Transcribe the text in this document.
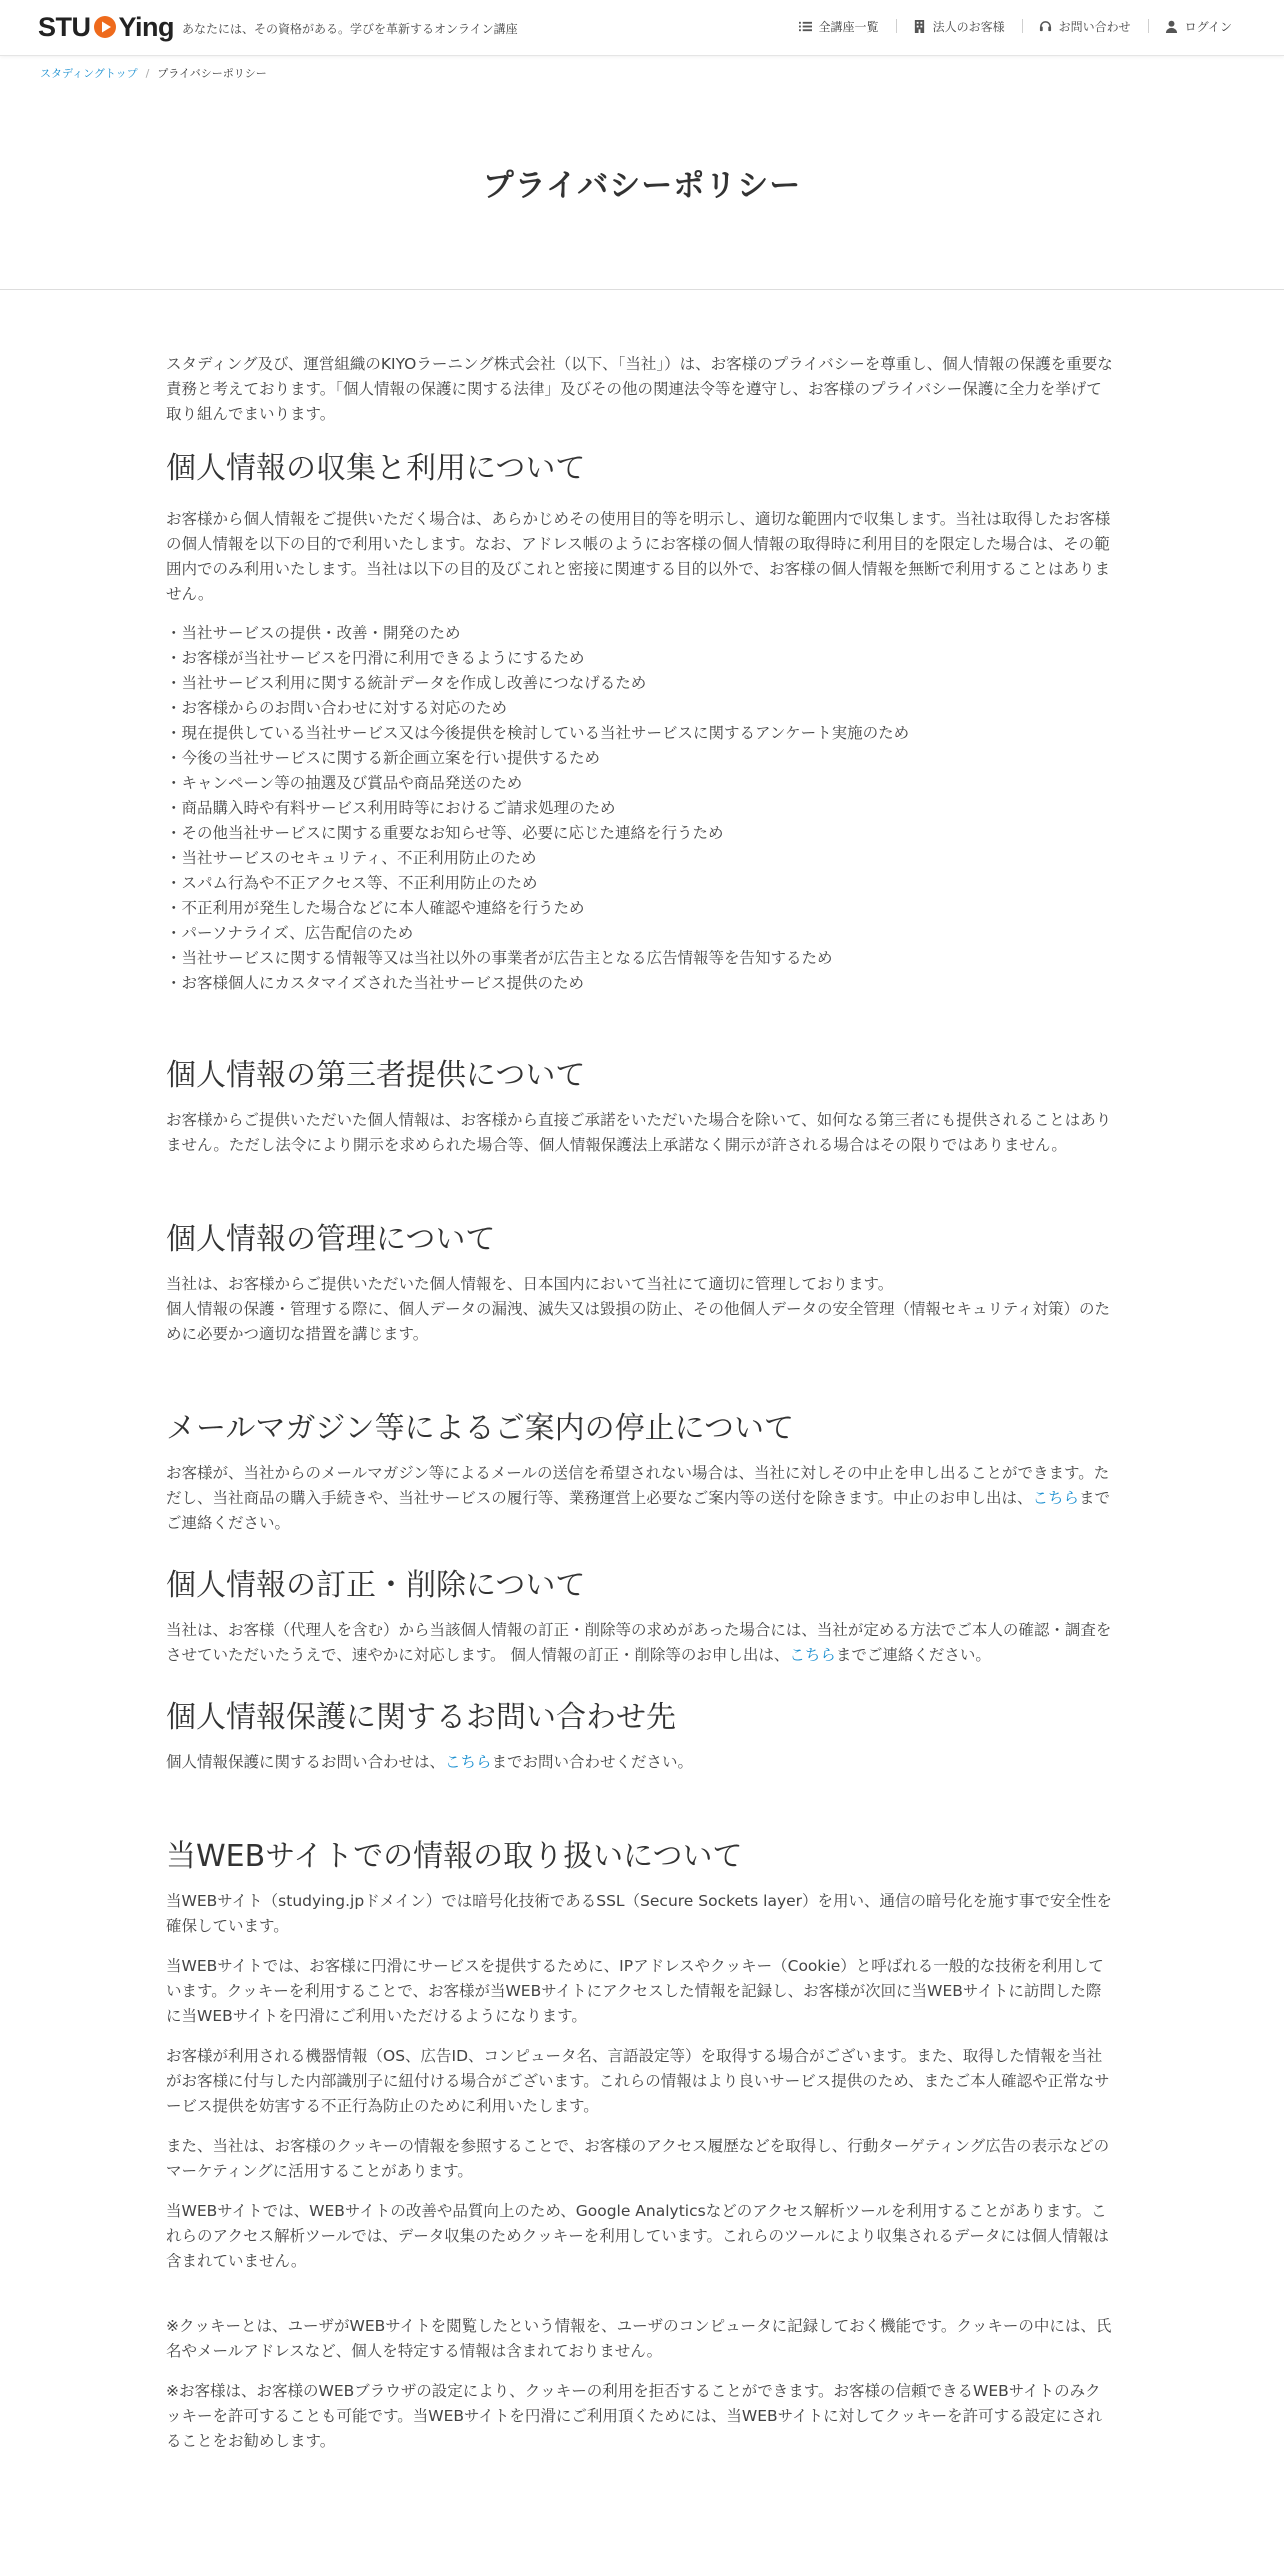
STU Ying あなたには、その資格がある。学びを革新するオンライン講座	全講座一覧	法人のお客様	お問い合わせ	ログイン
スタディングトップ / プライバシーポリシー
プライバシーポリシー

スタディング及び、運営組織のKIYOラーニング株式会社（以下、「当社」）は、お客様のプライバシーを尊重し、個人情報の保護を重要な責務と考えております。「個人情報の保護に関する法律」及びその他の関連法令等を遵守し、お客様のプライバシー保護に全力を挙げて取り組んでまいります。

個人情報の収集と利用について

お客様から個人情報をご提供いただく場合は、あらかじめその使用目的等を明示し、適切な範囲内で収集します。当社は取得したお客様の個人情報を以下の目的で利用いたします。なお、アドレス帳のようにお客様の個人情報の取得時に利用目的を限定した場合は、その範囲内でのみ利用いたします。当社は以下の目的及びこれと密接に関連する目的以外で、お客様の個人情報を無断で利用することはありません。

・ 当社サービスの提供・改善・開発のため
・ お客様が当社サービスを円滑に利用できるようにするため
・ 当社サービス利用に関する統計データを作成し改善につなげるため
・ お客様からのお問い合わせに対する対応のため
・ 現在提供している当社サービス又は今後提供を検討している当社サービスに関するアンケート実施のため
・ 今後の当社サービスに関する新企画立案を行い提供するため
・ キャンペーン等の抽選及び賞品や商品発送のため
・ 商品購入時や有料サービス利用時等におけるご請求処理のため
・ その他当社サービスに関する重要なお知らせ等、必要に応じた連絡を行うため
・ 当社サービスのセキュリティ、不正利用防止のため
・ スパム行為や不正アクセス等、不正利用防止のため
・ 不正利用が発生した場合などに本人確認や連絡を行うため
・ パーソナライズ、広告配信のため
・ 当社サービスに関する情報等又は当社以外の事業者が広告主となる広告情報等を告知するため
・ お客様個人にカスタマイズされた当社サービス提供のため
個人情報の第三者提供について

お客様からご提供いただいた個人情報は、お客様から直接ご承諾をいただいた場合を除いて、如何なる第三者にも提供されることはありません。ただし法令により開示を求められた場合等、個人情報保護法上承諾なく開示が許される場合はその限りではありません。

個人情報の管理について

当社は、お客様からご提供いただいた個人情報を、日本国内において当社にて適切に管理しております。

個人情報の保護・管理する際に、個人データの漏洩、滅失又は毀損の防止、その他個人データの安全管理（情報セキュリティ対策）のために必要かつ適切な措置を講じます。

メールマガジン等によるご案内の停止について

お客様が、当社からのメールマガジン等によるメールの送信を希望されない場合は、当社に対しその中止を申し出ることができます。ただし、当社商品の購入手続きや、当社サービスの履行等、業務運営上必要なご案内等の送付を除きます。中止のお申し出は、こちらまでご連絡ください。

個人情報の訂正・削除について

当社は、お客様（代理人を含む）から当該個人情報の訂正・削除等の求めがあった場合には、当社が定める方法でご本人の確認・調査をさせていただいたうえで、速やかに対応します。 個人情報の訂正・削除等のお申し出は、こちらまでご連絡ください。

個人情報保護に関するお問い合わせ先

個人情報保護に関するお問い合わせは、こちらまでお問い合わせください。

当WEBサイトでの情報の取り扱いについて

当WEBサイト（studying.jpドメイン）では暗号化技術であるSSL（Secure Sockets layer）を用い、通信の暗号化を施す事で安全性を確保しています。

当WEBサイトでは、お客様に円滑にサービスを提供するために、IPアドレスやクッキー（Cookie）と呼ばれる一般的な技術を利用しています。クッキーを利用することで、お客様が当WEBサイトにアクセスした情報を記録し、お客様が次回に当WEBサイトに訪問した際に当WEBサイトを円滑にご利用いただけるようになります。

お客様が利用される機器情報（OS、広告ID、コンピュータ名、言語設定等）を取得する場合がございます。また、取得した情報を当社がお客様に付与した内部識別子に紐付ける場合がございます。これらの情報はより良いサービス提供のため、またご本人確認や正常なサービス提供を妨害する不正行為防止のために利用いたします。

また、当社は、お客様のクッキーの情報を参照することで、お客様のアクセス履歴などを取得し、行動ターゲティング広告の表示などのマーケティングに活用することがあります。

当WEBサイトでは、WEBサイトの改善や品質向上のため、Google Analyticsなどのアクセス解析ツールを利用することがあります。これらのアクセス解析ツールでは、データ収集のためクッキーを利用しています。これらのツールにより収集されるデータには個人情報は含まれていません。

※クッキーとは、ユーザがWEBサイトを閲覧したという情報を、ユーザのコンピュータに記録しておく機能です。クッキーの中には、氏名やメールアドレスなど、個人を特定する情報は含まれておりません。

※お客様は、お客様のWEBブラウザの設定により、クッキーの利用を拒否することができます。お客様の信頼できるWEBサイトのみクッキーを許可することも可能です。当WEBサイトを円滑にご利用頂くためには、当WEBサイトに対してクッキーを許可する設定にされることをお勧めします。
